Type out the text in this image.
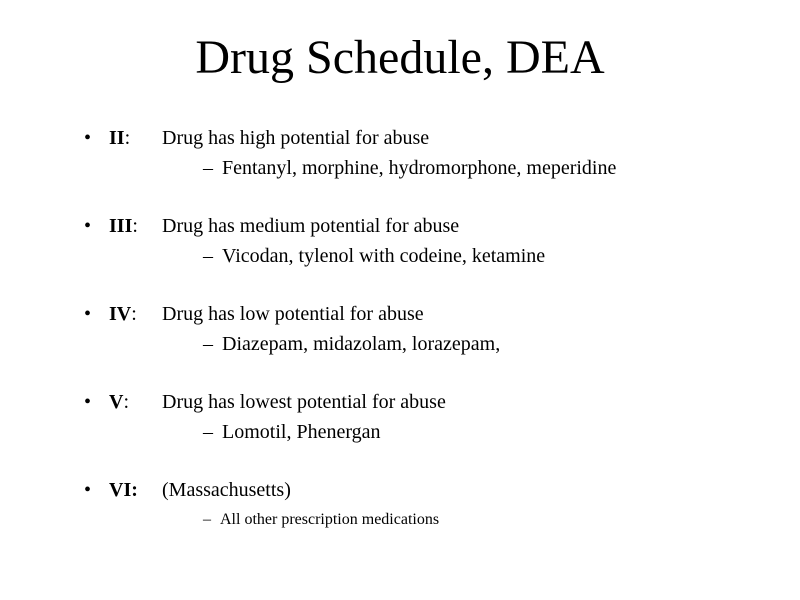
Drug Schedule, DEA
• II: Drug has high potential for abuse
– Fentanyl, morphine, hydromorphone, meperidine
• III: Drug has medium potential for abuse
– Vicodan, tylenol with codeine, ketamine
• IV: Drug has low potential for abuse
– Diazepam, midazolam, lorazepam,
• V: Drug has lowest potential for abuse
– Lomotil, Phenergan
• VI: (Massachusetts)
– All other prescription medications
